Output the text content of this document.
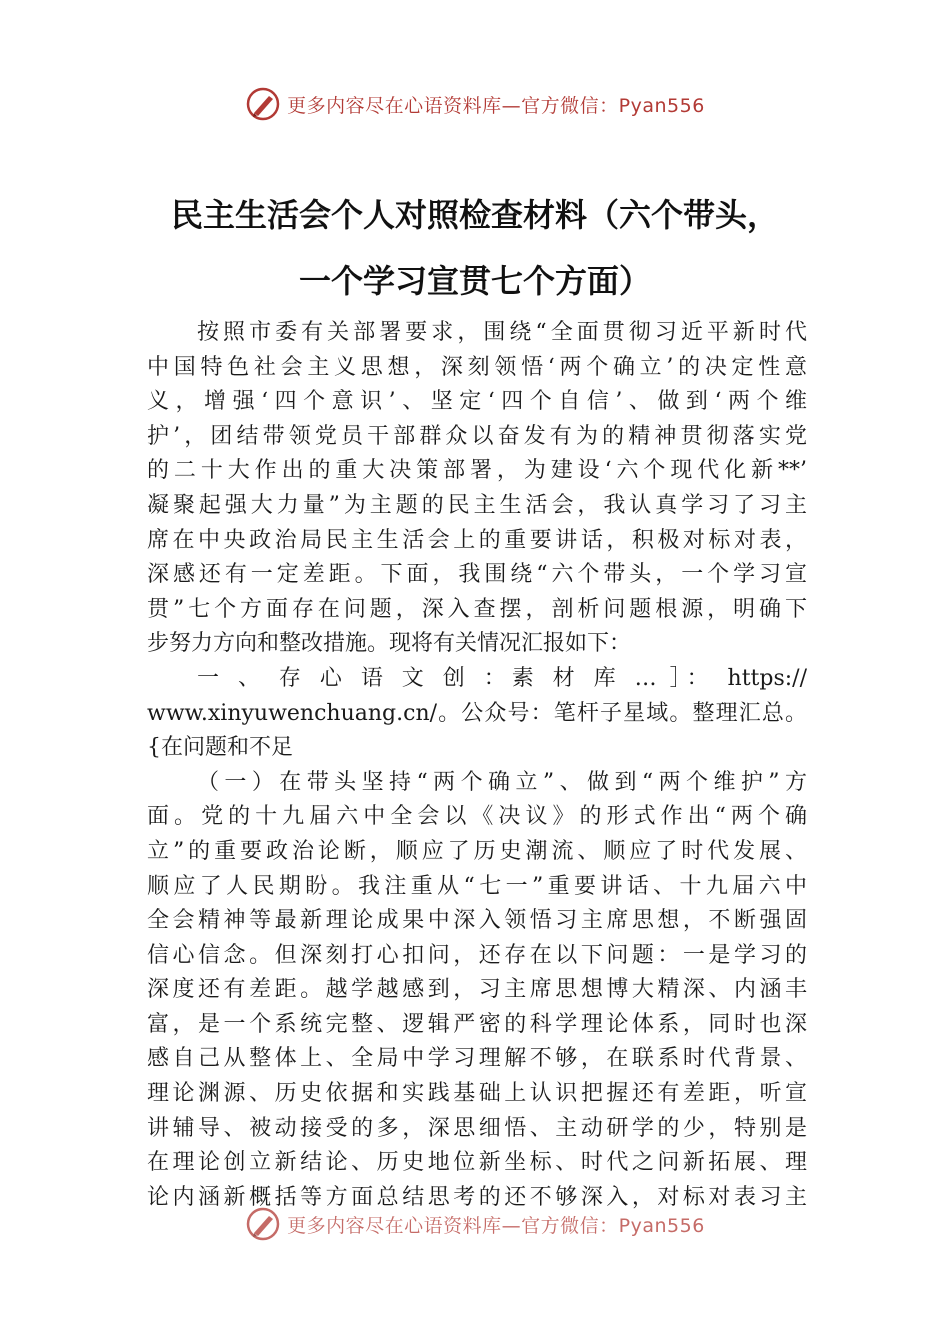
更多内容尽在心语资料库—官方微信：Pyan556
民主生活会个人对照检查材料（六个带头，
一个学习宣贯七个方面）
按照市委有关部署要求，围绕“全面贯彻习近平新时代
中国特色社会主义思想，深刻领悟‘两个确立’的决定性意
义，增强‘四个意识’、坚定‘四个自信’、做到‘两个维
护’，团结带领党员干部群众以奋发有为的精神贯彻落实党
的二十大作出的重大决策部署，为建设‘六个现代化新**’
凝聚起强大力量”为主题的民主生活会，我认真学习了习主
席在中央政治局民主生活会上的重要讲话，积极对标对表，
深感还有一定差距。下面，我围绕“六个带头，一个学习宣
贯”七个方面存在问题，深入查摆，剖析问题根源，明确下
步努力方向和整改措施。现将有关情况汇报如下：
一 、 存 心 语 文 创 ：素 材 库 … ］： https://
www.xinyuwenchuang.cn/。公众号：笔杆子星域。整理汇总。
{在问题和不足
（一）在带头坚持“两个确立”、做到“两个维护”方
面。党的十九届六中全会以《决议》的形式作出“两个确
立”的重要政治论断，顺应了历史潮流、顺应了时代发展、
顺应了人民期盼。我注重从“七一”重要讲话、十九届六中
全会精神等最新理论成果中深入领悟习主席思想，不断强固
信心信念。但深刻打心扣问，还存在以下问题：一是学习的
深度还有差距。越学越感到，习主席思想博大精深、内涵丰
富，是一个系统完整、逻辑严密的科学理论体系，同时也深
感自己从整体上、全局中学习理解不够，在联系时代背景、
理论渊源、历史依据和实践基础上认识把握还有差距，听宣
讲辅导、被动接受的多，深思细悟、主动研学的少，特别是
在理论创立新结论、历史地位新坐标、时代之问新拓展、理
论内涵新概括等方面总结思考的还不够深入，对标对表习主
更多内容尽在心语资料库—官方微信：Pyan556
